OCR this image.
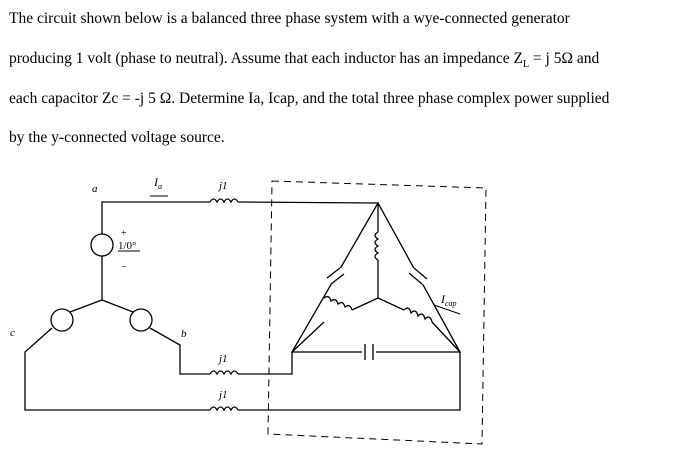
The circuit shown below is a balanced three phase system with a wye-connected generator
producing 1 volt (phase to neutral). Assume that each inductor has an impedance $Z_L = j$ 5Ω and
each capacitor Zc = -j 5 Ω. Determine Ia, Icap, and the total three phase complex power supplied
by the y-connected voltage source.
a
b
c
$I_a$
1/0°
+
−
j1
j1
j1
$I_{cap}$
